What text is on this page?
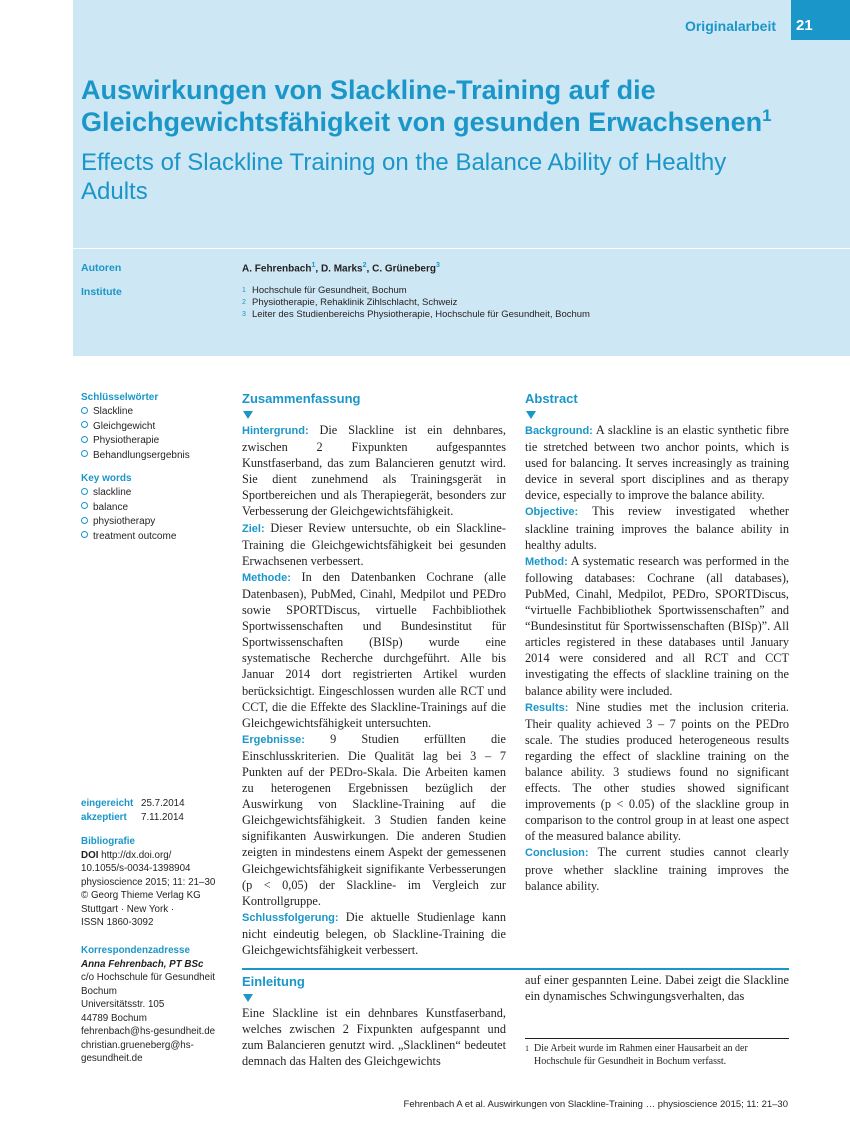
Originalarbeit 21
Auswirkungen von Slackline-Training auf die Gleichgewichtsfähigkeit von gesunden Erwachsenen$^1$
Effects of Slackline Training on the Balance Ability of Healthy Adults
Autoren
Institute
A. Fehrenbach$^1$, D. Marks$^2$, C. Grüneberg$^3$
1 Hochschule für Gesundheit, Bochum
2 Physiotherapie, Rehaklinik Zihlschlacht, Schweiz
3 Leiter des Studienbereichs Physiotherapie, Hochschule für Gesundheit, Bochum
Schlüsselwörter
Slackline
Gleichgewicht
Physiotherapie
Behandlungsergebnis
Key words
slackline
balance
physiotherapy
treatment outcome
eingereicht 25.7.2014
akzeptiert 7.11.2014
Bibliografie
DOI http://dx.doi.org/
10.1055/s-0034-1398904
physioscience 2015; 11: 21–30
© Georg Thieme Verlag KG
Stuttgart · New York ·
ISSN 1860-3092
Korrespondenzadresse
Anna Fehrenbach, PT BSc
c/o Hochschule für Gesundheit
Bochum
Universitätsstr. 105
44789 Bochum
fehrenbach@hs-gesundheit.de
christian.grueneberg@hs-
gesundheit.de
Zusammenfassung

Hintergrund: Die Slackline ist ein dehnbares, zwischen 2 Fixpunkten aufgespanntes Kunstfaserband, das zum Balancieren genutzt wird. Sie dient zunehmend als Trainingsgerät in Sportbereichen und als Therapiegerät, besonders zur Verbesserung der Gleichgewichtsfähigkeit.

Ziel: Dieser Review untersuchte, ob ein Slackline-Training die Gleichgewichtsfähigkeit bei gesunden Erwachsenen verbessert.

Methode: In den Datenbanken Cochrane (alle Datenbasen), PubMed, Cinahl, Medpilot und PEDro sowie SPORTDiscus, virtuelle Fachbibliothek Sportwissenschaften und Bundesinstitut für Sportwissenschaften (BISp) wurde eine systematische Recherche durchgeführt. Alle bis Januar 2014 dort registrierten Artikel wurden berücksichtigt. Eingeschlossen wurden alle RCT und CCT, die die Effekte des Slackline-Trainings auf die Gleichgewichtsfähigkeit untersuchten.

Ergebnisse: 9 Studien erfüllten die Einschlusskriterien. Die Qualität lag bei 3 – 7 Punkten auf der PEDro-Skala. Die Arbeiten kamen zu heterogenen Ergebnissen bezüglich der Auswirkung von Slackline-Training auf die Gleichgewichtsfähigkeit. 3 Studien fanden keine signifikanten Auswirkungen. Die anderen Studien zeigten in mindestens einem Aspekt der gemessenen Gleichgewichtsfähigkeit signifikante Verbesserungen (p < 0,05) der Slackline- im Vergleich zur Kontrollgruppe.

Schlussfolgerung: Die aktuelle Studienlage kann nicht eindeutig belegen, ob Slackline-Training die Gleichgewichtsfähigkeit verbessert.

Abstract

Background: A slackline is an elastic synthetic fibre tie stretched between two anchor points, which is used for balancing. It serves increasingly as training device in several sport disciplines and as therapy device, especially to improve the balance ability.

Objective: This review investigated whether slackline training improves the balance ability in healthy adults.

Method: A systematic research was performed in the following databases: Cochrane (all databases), PubMed, Cinahl, Medpilot, PEDro, SPORTDiscus, “virtuelle Fachbibliothek Sportwissenschaften” and “Bundesinstitut für Sportwissenschaften (BISp)”. All articles registered in these databases until January 2014 were considered and all RCT and CCT investigating the effects of slackline training on the balance ability were included.

Results: Nine studies met the inclusion criteria. Their quality achieved 3 – 7 points on the PEDro scale. The studies produced heterogeneous results regarding the effect of slackline training on the balance ability. 3 studiews found no significant effects. The other studies showed significant improvements (p < 0.05) of the slackline group in comparison to the control group in at least one aspect of the measured balance ability.

Conclusion: The current studies cannot clearly prove whether slackline training improves the balance ability.

Einleitung
Eine Slackline ist ein dehnbares Kunstfaserband, welches zwischen 2 Fixpunkten aufgespannt und zum Balancieren genutzt wird. „Slacklinen“ bedeutet demnach das Halten des Gleichgewichts
auf einer gespannten Leine. Dabei zeigt die Slackline ein dynamisches Schwingungsverhalten, das
1 Die Arbeit wurde im Rahmen einer Hausarbeit an der Hochschule für Gesundheit in Bochum verfasst.
Fehrenbach A et al. Auswirkungen von Slackline-Training … physioscience 2015; 11: 21–30
